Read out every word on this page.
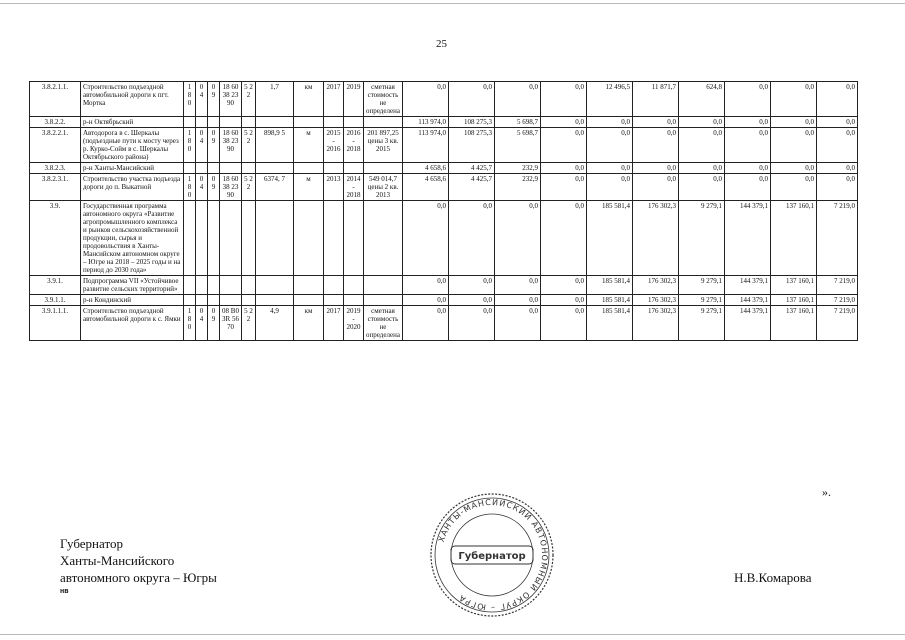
25
3.8.2.1.1.	Строительство подъездной автомобильной дороги к пгт. Мортка	1 8 0	0 4	0 9	18 60 38 23 90	5 2 2	1,7	км	2017	2019	сметная стоимость не определена	0,0	0,0	0,0	0,0	12 496,5	11 871,7	624,8	0,0	0,0	0,0
3.8.2.2.	р-н Октябрьский											113 974,0	108 275,3	5 698,7	0,0	0,0	0,0	0,0	0,0	0,0	0,0
3.8.2.2.1.	Автодорога в с. Шеркалы (подъездные пути к мосту через р. Курко-Сойм в с. Шеркалы Октябрьского района)	1 8 0	0 4	0 9	18 60 38 23 90	5 2 2	898,9 5	м	2015 - 2016	2016 - 2018	201 897,25 цены 3 кв. 2015	113 974,0	108 275,3	5 698,7	0,0	0,0	0,0	0,0	0,0	0,0	0,0
3.8.2.3.	р-н Ханты-Мансийский											4 658,6	4 425,7	232,9	0,0	0,0	0,0	0,0	0,0	0,0	0,0
3.8.2.3.1.	Строительство участка подъезда дороги до п. Выкатной	1 8 0	0 4	0 9	18 60 38 23 90	5 2 2	6374, 7	м	2013	2014 - 2018	549 014,7 цены 2 кв. 2013	4 658,6	4 425,7	232,9	0,0	0,0	0,0	0,0	0,0	0,0	0,0
3.9.	Государственная программа автономного округа «Развитие агропромышленного комплекса и рынков сельскохозяйственной продукции, сырья и продовольствия в Ханты-Мансийском автономном округе – Югре на 2018 – 2025 годы и на период до 2030 года»											0,0	0,0	0,0	0,0	185 581,4	176 302,3	9 279,1	144 379,1	137 160,1	7 219,0
3.9.1.	Подпрограмма VII «Устойчивое развитие сельских территорий»											0,0	0,0	0,0	0,0	185 581,4	176 302,3	9 279,1	144 379,1	137 160,1	7 219,0
3.9.1.1.	р-н Кондинский											0,0	0,0	0,0	0,0	185 581,4	176 302,3	9 279,1	144 379,1	137 160,1	7 219,0
3.9.1.1.1.	Строительство подъездной автомобильной дороги к с. Ямки	1 8 0	0 4	0 9	08 В0 3R 56 70	5 2 2	4,9	км	2017	2019 - 2020	сметная стоимость не определена	0,0	0,0	0,0	0,0	185 581,4	176 302,3	9 279,1	144 379,1	137 160,1	7 219,0
».
Губернатор
Ханты-Мансийского
автономного округа – Югры
нв
ХАНТЫ-МАНСИЙСКИЙ АВТОНОМНЫЙ ОКРУГ – ЮГРА
Губернатор
Н.В.Комарова
